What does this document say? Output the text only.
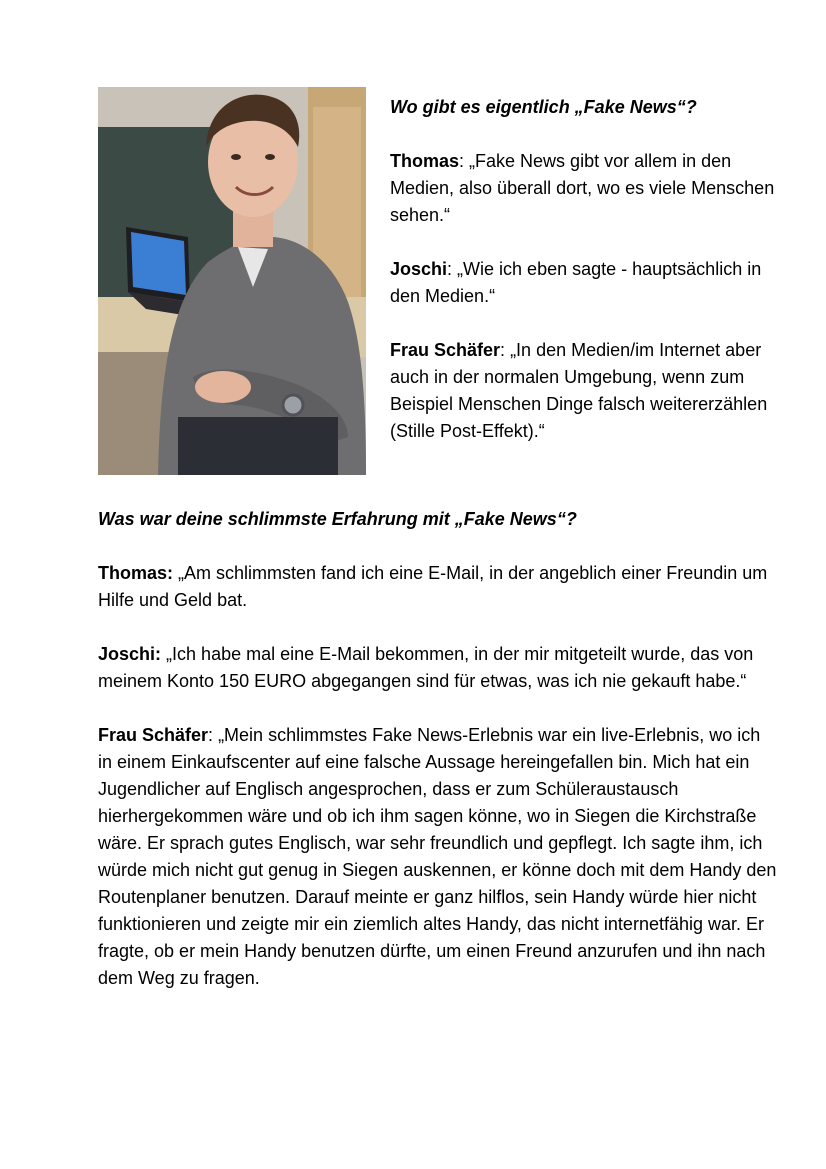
Wo gibt es eigentlich „Fake News“?

Thomas: „Fake News gibt vor allem in den Medien, also überall dort, wo es viele Menschen sehen.“

Joschi: „Wie ich eben sagte - hauptsächlich in den Medien.“

Frau Schäfer: „In den Medien/im Internet aber auch in der normalen Umgebung, wenn zum Beispiel Menschen Dinge falsch weitererzählen (Stille Post-Effekt).“

Was war deine schlimmste Erfahrung mit „Fake News“?

Thomas: „Am schlimmsten fand ich eine E-Mail, in der angeblich einer Freundin um Hilfe und Geld bat.

Joschi: „Ich habe mal eine E-Mail bekommen, in der mir mitgeteilt wurde, das von meinem Konto 150 EURO abgegangen sind für etwas, was ich nie gekauft habe.“

Frau Schäfer: „Mein schlimmstes Fake News-Erlebnis war ein live-Erlebnis, wo ich in einem Einkaufscenter auf eine falsche Aussage hereingefallen bin. Mich hat ein Jugendlicher auf Englisch angesprochen, dass er zum Schüleraustausch hierhergekommen wäre und ob ich ihm sagen könne, wo in Siegen die Kirchstraße wäre. Er sprach gutes Englisch, war sehr freundlich und gepflegt. Ich sagte ihm, ich würde mich nicht gut genug in Siegen auskennen, er könne doch mit dem Handy den Routenplaner benutzen. Darauf meinte er ganz hilflos, sein Handy würde hier nicht funktionieren und zeigte mir ein ziemlich altes Handy, das nicht internetfähig war. Er fragte, ob er mein Handy benutzen dürfte, um einen Freund anzurufen und ihn nach dem Weg zu fragen.
